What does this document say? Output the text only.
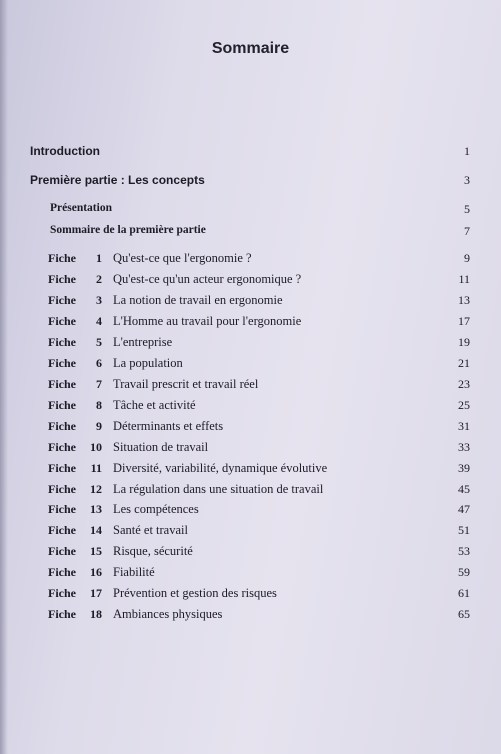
Sommaire
Introduction	1
Première partie : Les concepts	3
Présentation	5
Sommaire de la première partie	7
Fiche	1 Qu'est-ce que l'ergonomie ?	9
Fiche	2 Qu'est-ce qu'un acteur ergonomique ?	11
Fiche	3 La notion de travail en ergonomie	13
Fiche	4 L'Homme au travail pour l'ergonomie	17
Fiche	5 L'entreprise	19
Fiche	6 La population	21
Fiche	7 Travail prescrit et travail réel	23
Fiche	8 Tâche et activité	25
Fiche	9 Déterminants et effets	31
Fiche	10 Situation de travail	33
Fiche	11 Diversité, variabilité, dynamique évolutive	39
Fiche	12 La régulation dans une situation de travail	45
Fiche	13 Les compétences	47
Fiche	14 Santé et travail	51
Fiche	15 Risque, sécurité	53
Fiche	16 Fiabilité	59
Fiche	17 Prévention et gestion des risques	61
Fiche	18 Ambiances physiques	65
